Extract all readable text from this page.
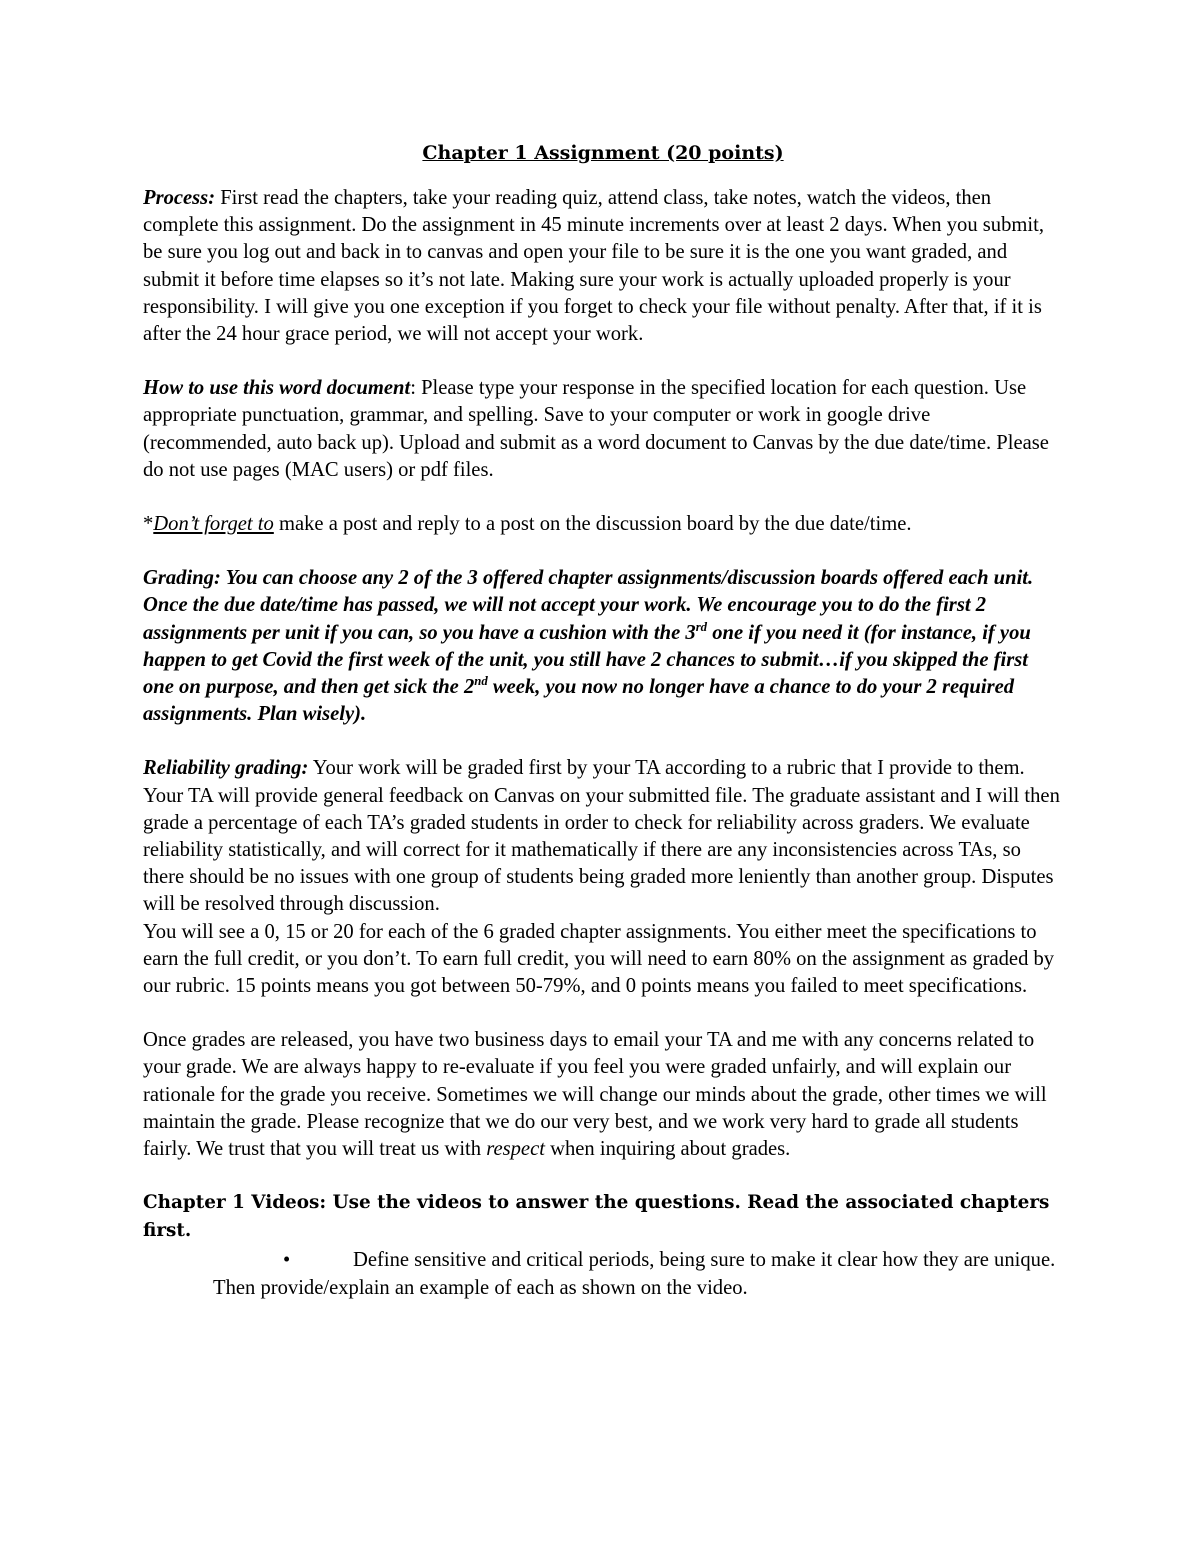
Chapter 1 Assignment (20 points)

Process: First read the chapters, take your reading quiz, attend class, take notes, watch the videos, then complete this assignment. Do the assignment in 45 minute increments over at least 2 days. When you submit, be sure you log out and back in to canvas and open your file to be sure it is the one you want graded, and submit it before time elapses so it’s not late. Making sure your work is actually uploaded properly is your responsibility. I will give you one exception if you forget to check your file without penalty. After that, if it is after the 24 hour grace period, we will not accept your work.

How to use this word document: Please type your response in the specified location for each question. Use appropriate punctuation, grammar, and spelling. Save to your computer or work in google drive (recommended, auto back up). Upload and submit as a word document to Canvas by the due date/time. Please do not use pages (MAC users) or pdf files.

*Don’t forget to make a post and reply to a post on the discussion board by the due date/time.

Grading: You can choose any 2 of the 3 offered chapter assignments/discussion boards offered each unit. Once the due date/time has passed, we will not accept your work. We encourage you to do the first 2 assignments per unit if you can, so you have a cushion with the 3rd one if you need it (for instance, if you happen to get Covid the first week of the unit, you still have 2 chances to submit…if you skipped the first one on purpose, and then get sick the 2nd week, you now no longer have a chance to do your 2 required assignments. Plan wisely).

Reliability grading: Your work will be graded first by your TA according to a rubric that I provide to them. Your TA will provide general feedback on Canvas on your submitted file. The graduate assistant and I will then grade a percentage of each TA’s graded students in order to check for reliability across graders. We evaluate reliability statistically, and will correct for it mathematically if there are any inconsistencies across TAs, so there should be no issues with one group of students being graded more leniently than another group. Disputes will be resolved through discussion.

You will see a 0, 15 or 20 for each of the 6 graded chapter assignments. You either meet the specifications to earn the full credit, or you don’t. To earn full credit, you will need to earn 80% on the assignment as graded by our rubric. 15 points means you got between 50-79%, and 0 points means you failed to meet specifications.

Once grades are released, you have two business days to email your TA and me with any concerns related to your grade. We are always happy to re-evaluate if you feel you were graded unfairly, and will explain our rationale for the grade you receive. Sometimes we will change our minds about the grade, other times we will maintain the grade. Please recognize that we do our very best, and we work very hard to grade all students fairly. We trust that you will treat us with respect when inquiring about grades.

Chapter 1 Videos: Use the videos to answer the questions. Read the associated chapters first.

•	Define sensitive and critical periods, being sure to make it clear how they are unique. Then provide/explain an example of each as shown on the video.
